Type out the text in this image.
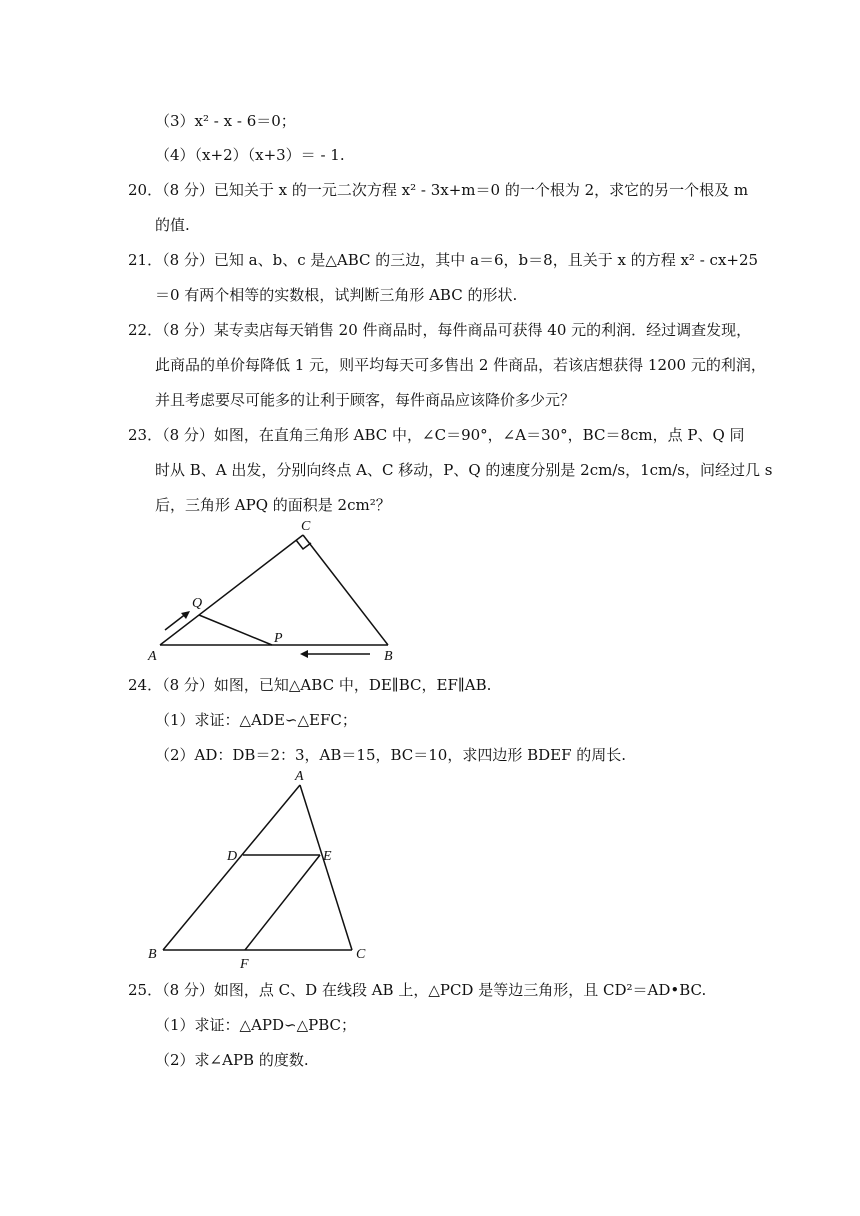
（3）x² - x - 6＝0；
（4）（x+2）（x+3）＝ - 1.
20．（8 分）已知关于 x 的一元二次方程 x² - 3x+m＝0 的一个根为 2，求它的另一个根及 m
的值.
21．（8 分）已知 a、b、c 是△ABC 的三边，其中 a＝6，b＝8，且关于 x 的方程 x² - cx+25
＝0 有两个相等的实数根，试判断三角形 ABC 的形状.
22．（8 分）某专卖店每天销售 20 件商品时，每件商品可获得 40 元的利润．经过调查发现，
此商品的单价每降低 1 元，则平均每天可多售出 2 件商品，若该店想获得 1200 元的利润，
并且考虑要尽可能多的让利于顾客，每件商品应该降价多少元？
23．（8 分）如图，在直角三角形 ABC 中，∠C＝90°，∠A＝30°，BC＝8cm，点 P、Q 同
时从 B、A 出发，分别向终点 A、C 移动，P、Q 的速度分别是 2cm/s，1cm/s，问经过几 s
后，三角形 APQ 的面积是 2cm²？
A	B
C
P
Q
24．（8 分）如图，已知△ABC 中，DE∥BC，EF∥AB.
（1）求证：△ADE∽△EFC；
（2）AD：DB＝2：3，AB＝15，BC＝10，求四边形 BDEF 的周长.
A
B	C
D	E
F
25．（8 分）如图，点 C、D 在线段 AB 上，△PCD 是等边三角形，且 CD²＝AD•BC.
（1）求证：△APD∽△PBC；
（2）求∠APB 的度数.
